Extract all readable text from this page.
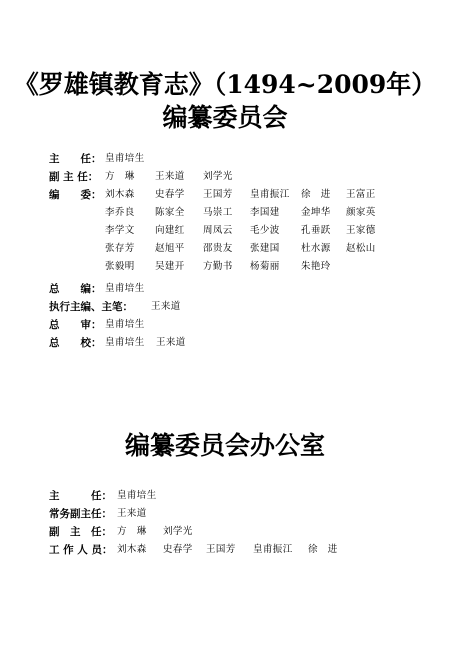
《罗雄镇教育志》（1494~2009年）
编纂委员会
主　　任： 皇甫培生
副 主 任： 方　琳 王来道 刘学光
编　　委： 刘木森 史春学 王国芳 皇甫振江 徐　进 王富正
李乔良 陈家全 马崇工 李国建 金坤华 颜家英
李学文 向建红 周凤云 毛少波 孔垂跃 王家德
张存芳 赵旭平 邵贵友 张建国 杜水源 赵松山
张毅明 吴建开 方勤书 杨菊丽 朱艳玲
总　　编： 皇甫培生
执行主编、主笔： 王来道
总　　审： 皇甫培生
总　　校： 皇甫培生 王来道
编纂委员会办公室
主　　　任： 皇甫培生
常务副主任： 王来道
副　主　任： 方　琳 刘学光
工 作 人 员： 刘木森 史春学 王国芳 皇甫振江 徐　进
